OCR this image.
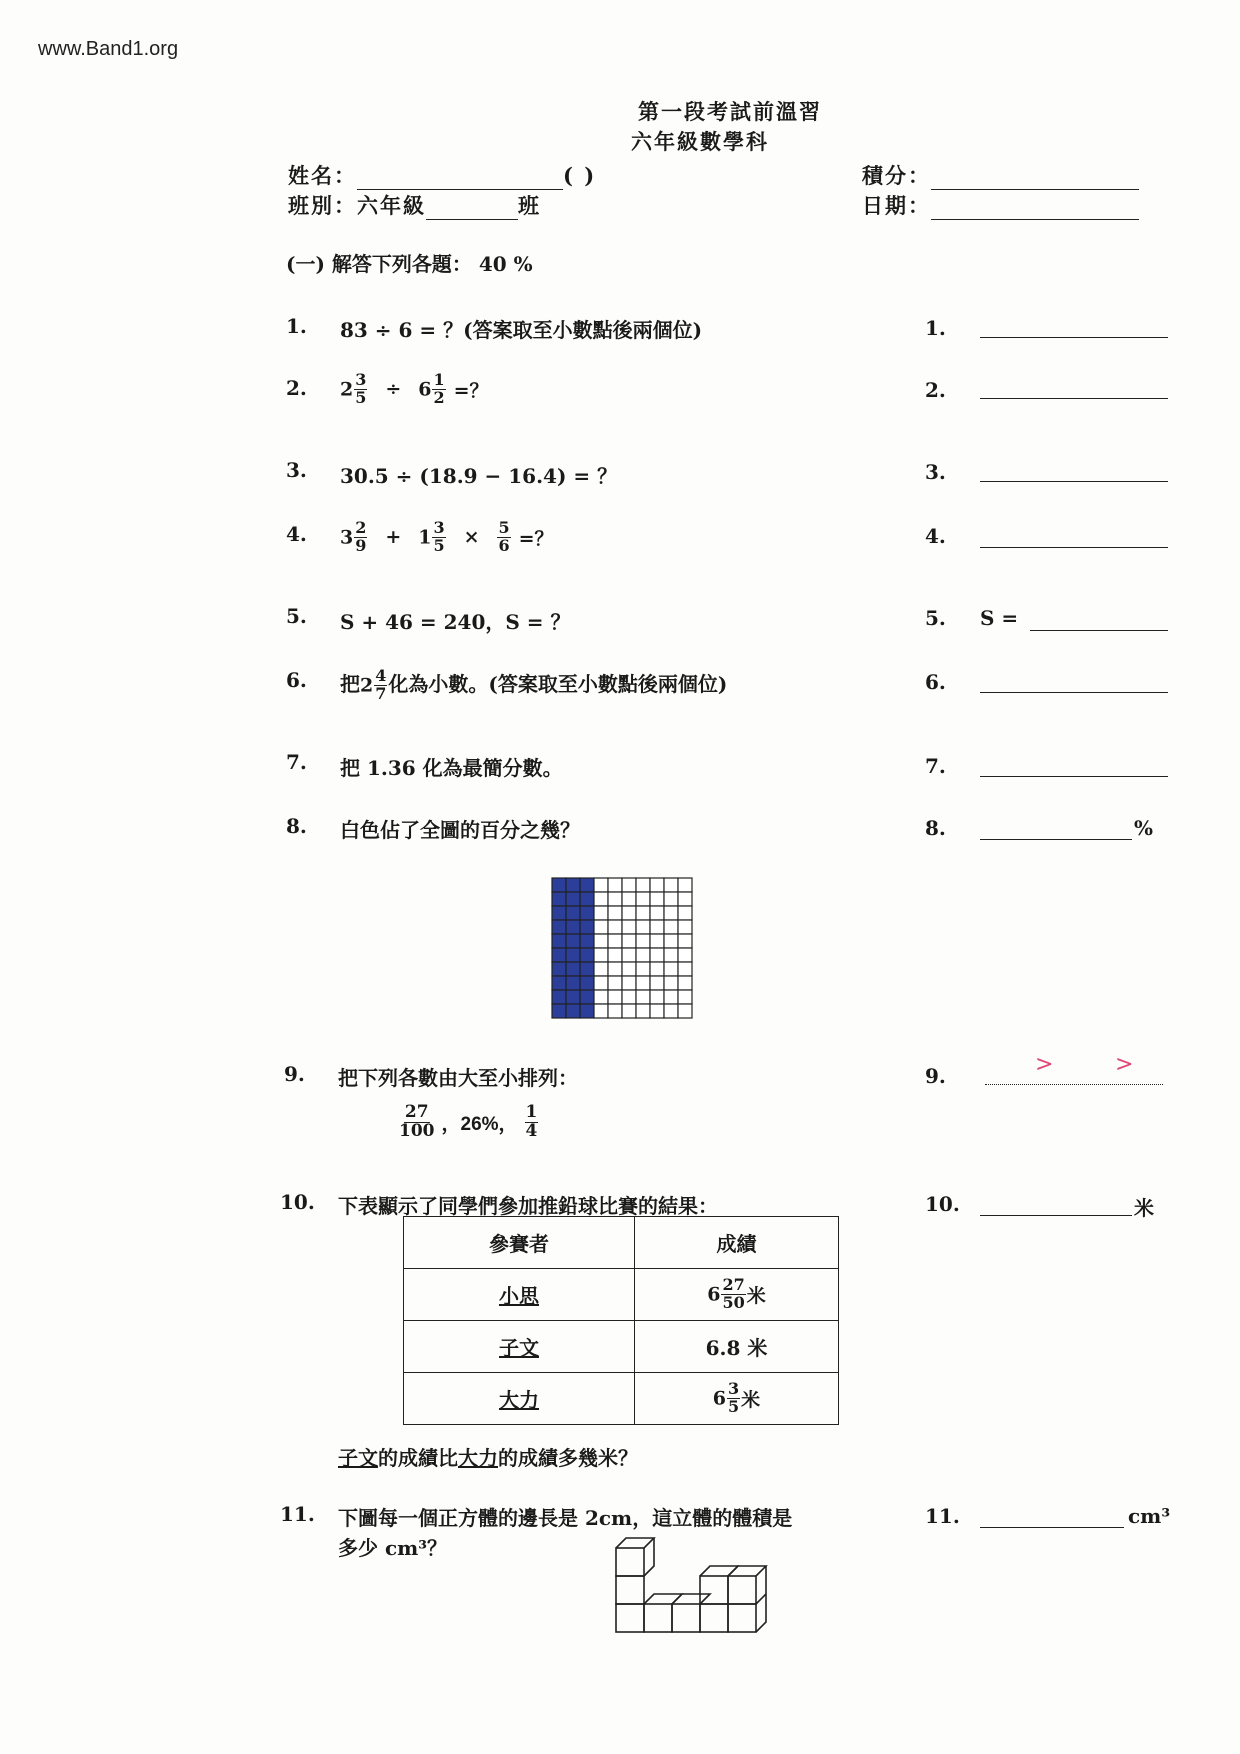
www.Band1.org
第一段考試前溫習
六年級數學科
姓名：	( )	積分：
班別：六年級	班	日期：
(一) 解答下列各題： 40 %
1. 83 ÷ 6 = ？(答案取至小數點後兩個位)	1.
2. $2 \frac{3}{5} \div 6 \frac{1}{2}$ =？	2.
3. 30.5 ÷ (18.9 − 16.4) = ？	3.
4. $3 \frac{2}{9} + 1 \frac{3}{5} \times \frac{5}{6}$ =？	4.
5. S + 46 = 240，S = ？	5. S =
6. 把$2 \frac{4}{7}$ 化為小數。(答案取至小數點後兩個位)	6.
7. 把 1.36 化為最簡分數。	7.
8. 白色佔了全圖的百分之幾？	8.	%
9. 把下列各數由大至小排列：
$\frac{27}{100}$ ，26%， $\frac{1}{4}$
9.	>	>
10. 下表顯示了同學們參加推鉛球比賽的結果：	10.	米
參賽者	成績
小思	$6 \frac{27}{50}$ 米
子文	6.8 米
大力	$6 \frac{3}{5}$ 米
子文的成績比大力的成績多幾米？
11. 下圖每一個正方體的邊長是 2cm，這立體的體積是
多少 cm³？
11.	cm³
